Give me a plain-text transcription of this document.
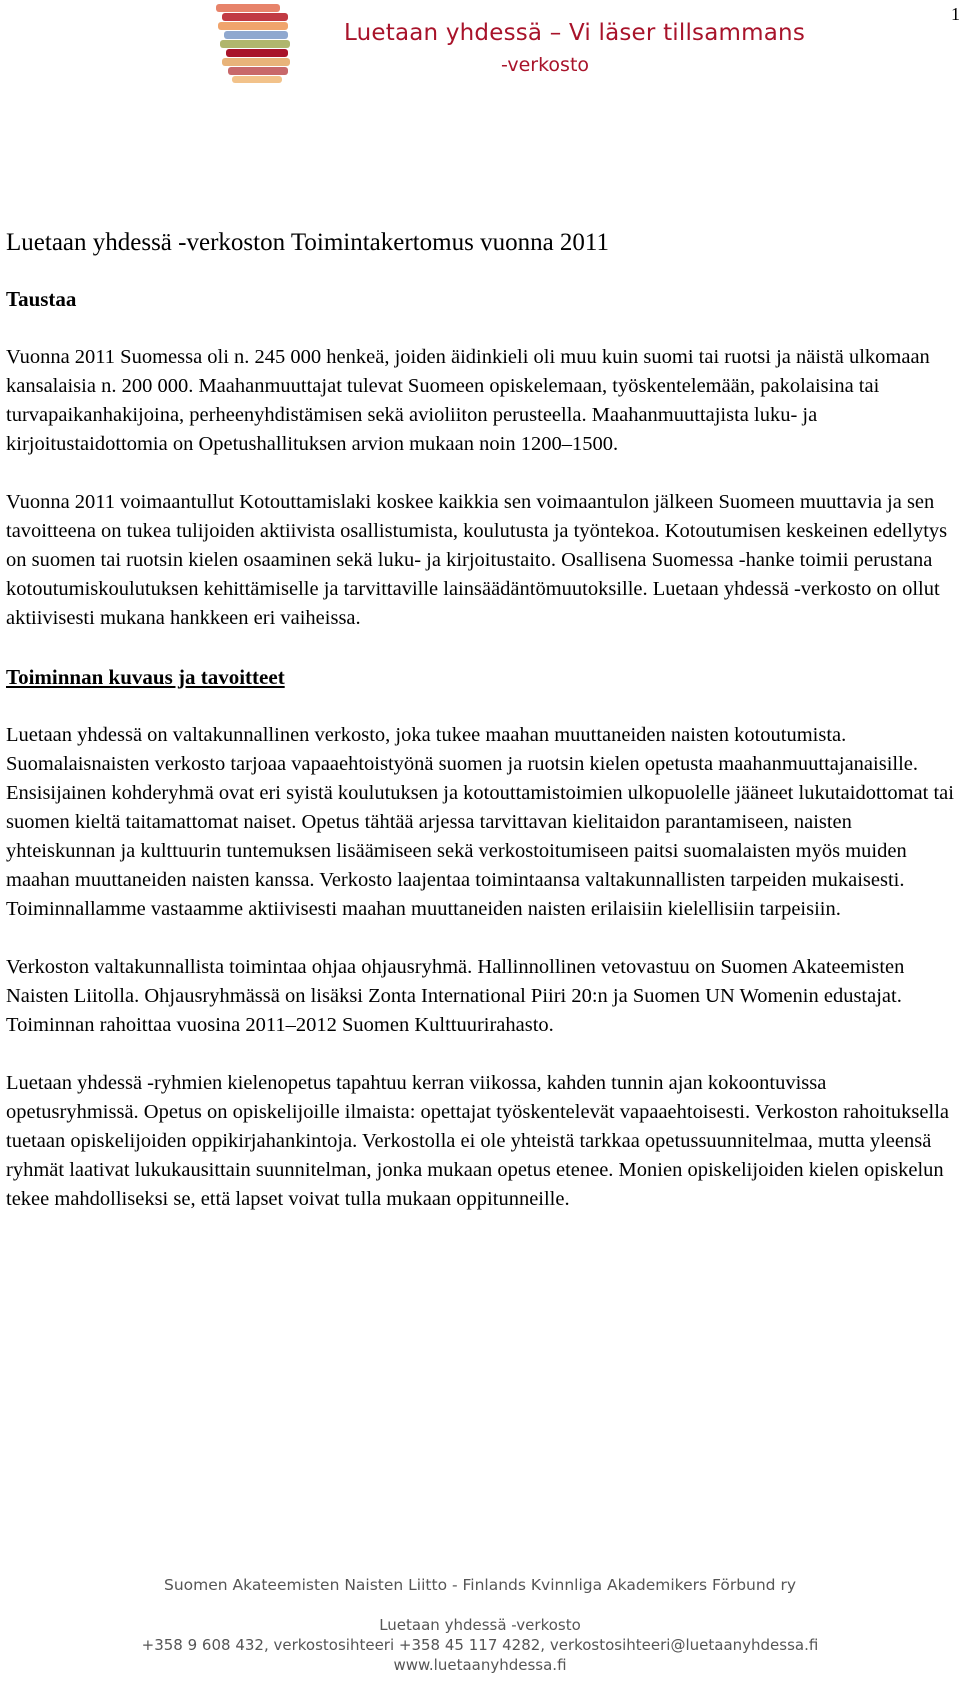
1
Luetaan yhdessä – Vi läser tillsammans
-verkosto
Luetaan yhdessä -verkoston Toimintakertomus vuonna 2011
Taustaa

Vuonna 2011 Suomessa oli n. 245 000 henkeä, joiden äidinkieli oli muu kuin suomi tai ruotsi ja näistä ulkomaan kansalaisia n. 200 000. Maahanmuuttajat tulevat Suomeen opiskelemaan, työskentelemään, pakolaisina tai turvapaikanhakijoina, perheenyhdistämisen sekä avioliiton perusteella. Maahanmuuttajista luku- ja kirjoitustaidottomia on Opetushallituksen arvion mukaan noin 1200–1500.

Vuonna 2011 voimaantullut Kotouttamislaki koskee kaikkia sen voimaantulon jälkeen Suomeen muuttavia ja sen tavoitteena on tukea tulijoiden aktiivista osallistumista, koulutusta ja työntekoa. Kotoutumisen keskeinen edellytys on suomen tai ruotsin kielen osaaminen sekä luku- ja kirjoitustaito. Osallisena Suomessa -hanke toimii perustana kotoutumiskoulutuksen kehittämiselle ja tarvittaville lainsäädäntömuutoksille. Luetaan yhdessä -verkosto on ollut aktiivisesti mukana hankkeen eri vaiheissa.

Toiminnan kuvaus ja tavoitteet

Luetaan yhdessä on valtakunnallinen verkosto, joka tukee maahan muuttaneiden naisten kotoutumista. Suomalaisnaisten verkosto tarjoaa vapaaehtoistyönä suomen ja ruotsin kielen opetusta maahanmuuttajanaisille. Ensisijainen kohderyhmä ovat eri syistä koulutuksen ja kotouttamistoimien ulkopuolelle jääneet lukutaidottomat tai suomen kieltä taitamattomat naiset. Opetus tähtää arjessa tarvittavan kielitaidon parantamiseen, naisten yhteiskunnan ja kulttuurin tuntemuksen lisäämiseen sekä verkostoitumiseen paitsi suomalaisten myös muiden maahan muuttaneiden naisten kanssa. Verkosto laajentaa toimintaansa valtakunnallisten tarpeiden mukaisesti. Toiminnallamme vastaamme aktiivisesti maahan muuttaneiden naisten erilaisiin kielellisiin tarpeisiin.

Verkoston valtakunnallista toimintaa ohjaa ohjausryhmä. Hallinnollinen vetovastuu on Suomen Akateemisten Naisten Liitolla. Ohjausryhmässä on lisäksi Zonta International Piiri 20:n ja Suomen UN Womenin edustajat. Toiminnan rahoittaa vuosina 2011–2012 Suomen Kulttuurirahasto.

Luetaan yhdessä -ryhmien kielenopetus tapahtuu kerran viikossa, kahden tunnin ajan kokoontuvissa opetusryhmissä. Opetus on opiskelijoille ilmaista: opettajat työskentelevät vapaaehtoisesti. Verkoston rahoituksella tuetaan opiskelijoiden oppikirjahankintoja. Verkostolla ei ole yhteistä tarkkaa opetussuunnitelmaa, mutta yleensä ryhmät laativat lukukausittain suunnitelman, jonka mukaan opetus etenee. Monien opiskelijoiden kielen opiskelun tekee mahdolliseksi se, että lapset voivat tulla mukaan oppitunneille.

Suomen Akateemisten Naisten Liitto - Finlands Kvinnliga Akademikers Förbund ry
Luetaan yhdessä -verkosto
+358 9 608 432, verkostosihteeri +358 45 117 4282, verkostosihteeri@luetaanyhdessa.fi
www.luetaanyhdessa.fi
